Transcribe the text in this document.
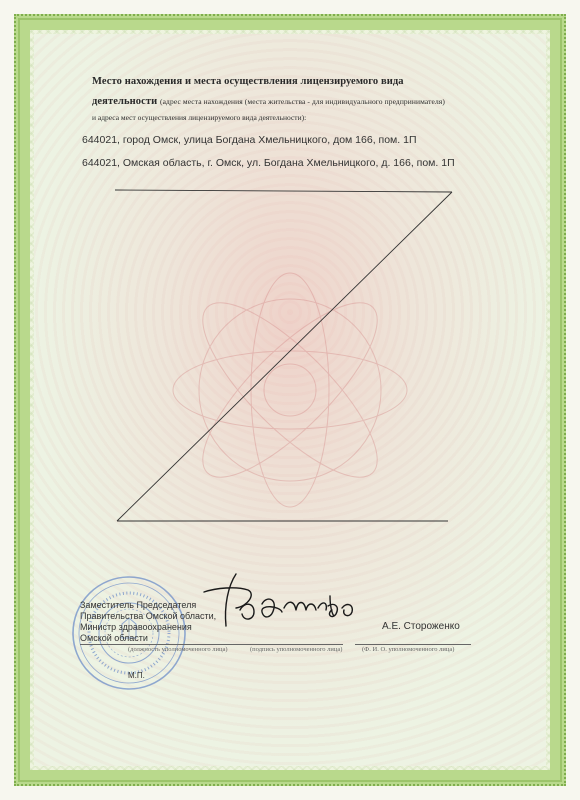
Место нахождения и места осуществления лицензируемого вида
деятельности (адрес места нахождения (места жительства - для индивидуального предпринимателя)
и адреса мест осуществления лицензируемого вида деятельности):
644021, город Омск, улица Богдана Хмельницкого, дом 166, пом. 1П
644021, Омская область, г. Омск, ул. Богдана Хмельницкого, д. 166, пом. 1П
Заместитель Председателя
Правительства Омской области,
Министр здравоохранения
Омской области
(должность уполномоченного лица)	(подпись уполномоченного лица)
А.Е. Стороженко
(Ф. И. О. уполномоченного лица)
М.П.
